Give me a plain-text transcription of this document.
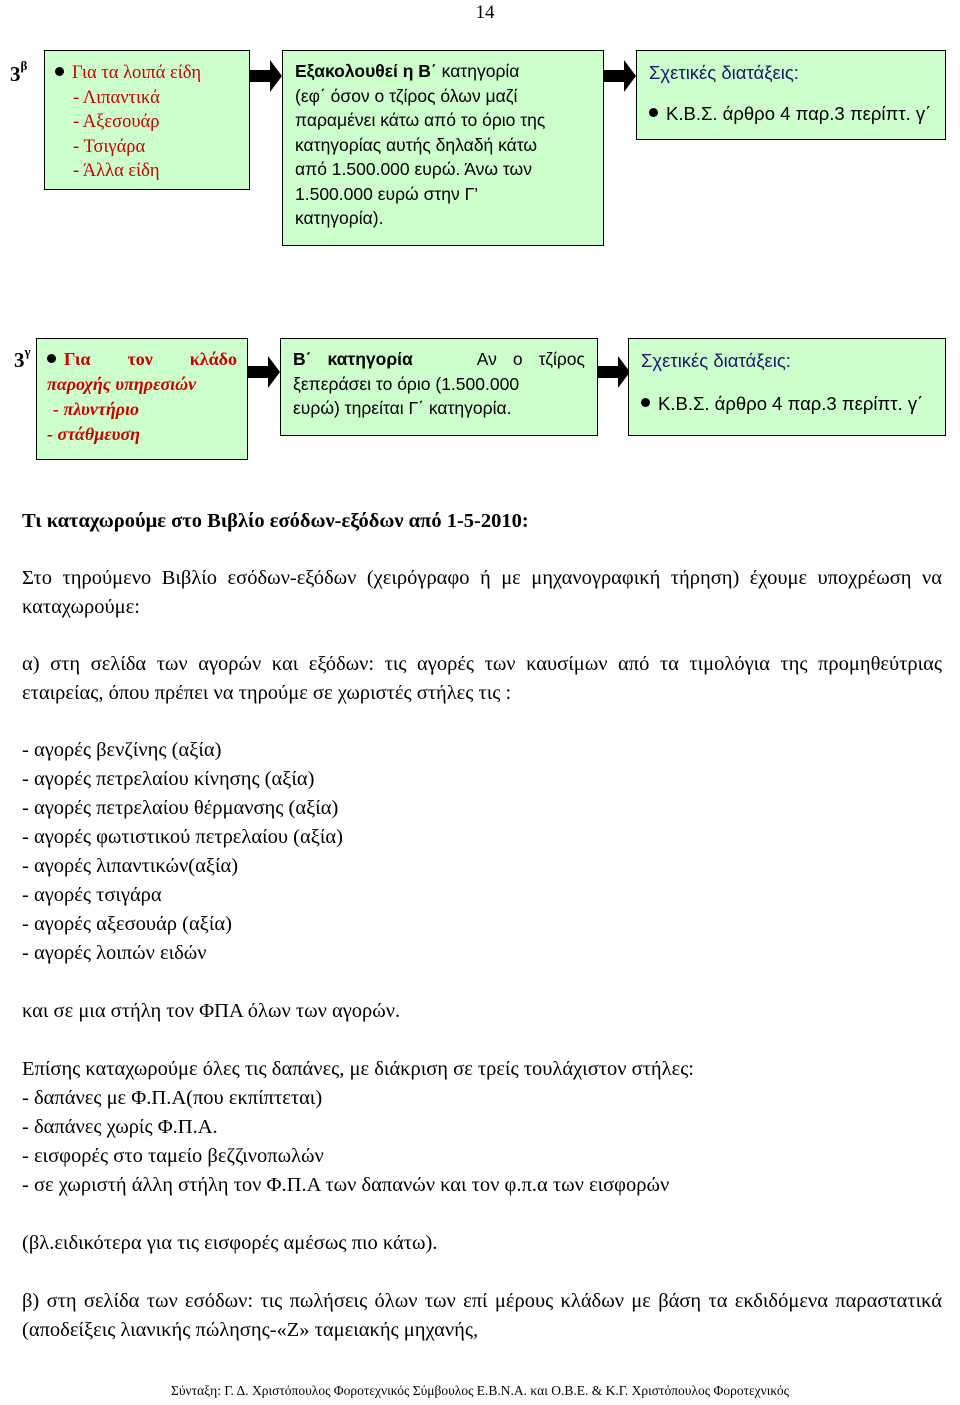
14
$3^\beta$	Για τα λοιπά είδη

- Λιπαντικά

- Αξεσουάρ

- Τσιγάρα

- Άλλα είδη

Εξακολουθεί η Β΄ κατηγορία

(εφ΄ όσον ο τζίρος όλων μαζί

παραμένει κάτω από το όριο της

κατηγορίας αυτής δηλαδή κάτω

από 1.500.000 ευρώ. Άνω των

1.500.000 ευρώ στην Γ’

κατηγορία).

Σχετικές διατάξεις:

Κ.Β.Σ. άρθρο 4 παρ.3 περίπτ. γ΄

$3^\gamma$	Για τον κλάδο

παροχής υπηρεσιών

- πλυντήριο

- στάθμευση

Β΄ κατηγορία	Αν ο τζίρος

ξεπεράσει το όριο (1.500.000

ευρώ) τηρείται Γ΄ κατηγορία.

Σχετικές διατάξεις:

Κ.Β.Σ. άρθρο 4 παρ.3 περίπτ. γ΄

Τι καταχωρούμε στο Βιβλίο εσόδων-εξόδων από 1-5-2010:

Στο τηρούμενο Βιβλίο εσόδων-εξόδων (χειρόγραφο ή με μηχανογραφική τήρηση) έχουμε υποχρέωση να καταχωρούμε:

α) στη σελίδα των αγορών και εξόδων: τις αγορές των καυσίμων από τα τιμολόγια της προμηθεύτριας εταιρείας, όπου πρέπει να τηρούμε σε χωριστές στήλες τις :

- αγορές βενζίνης (αξία)

- αγορές πετρελαίου κίνησης (αξία)

- αγορές πετρελαίου θέρμανσης (αξία)

- αγορές φωτιστικού πετρελαίου (αξία)

- αγορές λιπαντικών(αξία)

- αγορές τσιγάρα

- αγορές αξεσουάρ (αξία)

- αγορές λοιπών ειδών

και σε μια στήλη τον ΦΠΑ όλων των αγορών.

Επίσης καταχωρούμε όλες τις δαπάνες, με διάκριση σε τρείς τουλάχιστον στήλες:

- δαπάνες με Φ.Π.Α(που εκπίπτεται)

- δαπάνες χωρίς Φ.Π.Α.

- εισφορές στο ταμείο βεζζινοπωλών

- σε χωριστή άλλη στήλη τον Φ.Π.Α των δαπανών και τον φ.π.α των εισφορών

(βλ.ειδικότερα για τις εισφορές αμέσως πιο κάτω).

β) στη σελίδα των εσόδων: τις πωλήσεις όλων των επί μέρους κλάδων με βάση τα εκδιδόμενα παραστατικά (αποδείξεις λιανικής πώλησης-«Ζ» ταμειακής μηχανής,

Σύνταξη: Γ. Δ. Χριστόπουλος Φοροτεχνικός Σύμβουλος Ε.Β.Ν.Α. και Ο.Β.Ε. & Κ.Γ. Χριστόπουλος Φοροτεχνικός
